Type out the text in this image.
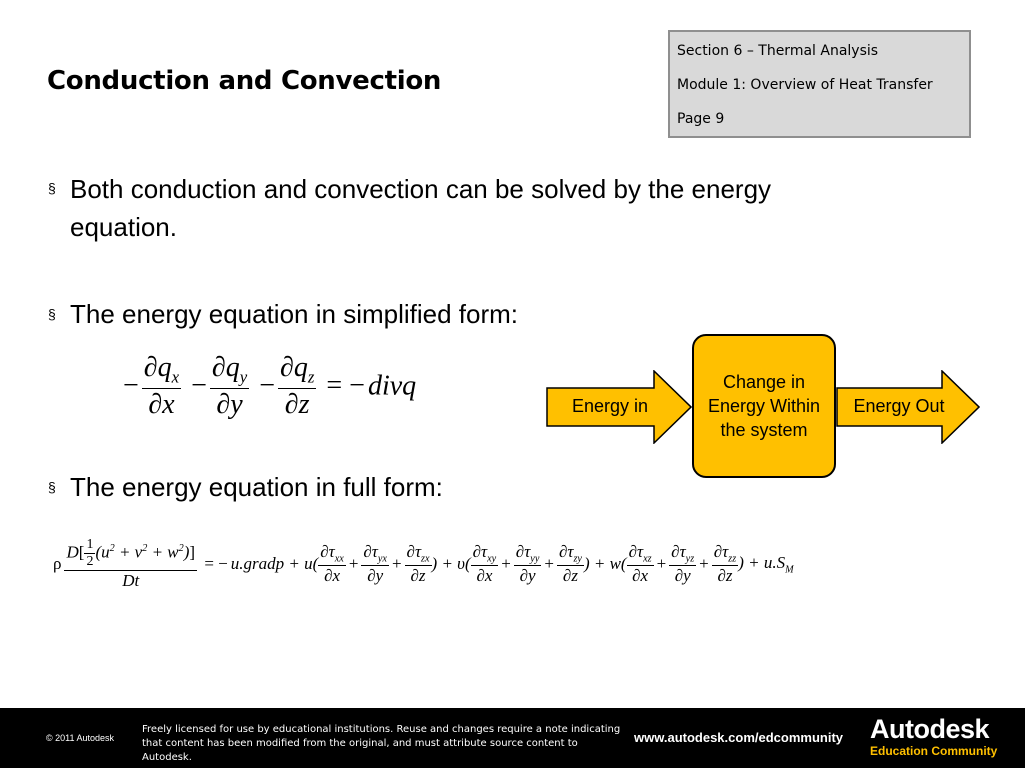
Conduction and Convection
Section 6 – Thermal Analysis
Module 1: Overview of Heat Transfer
Page 9
§ Both conduction and convection can be solved by the energy
equation.
§ The energy equation in simplified form:
− $\frac{\partial q_x}{\partial x} - \frac{\partial q_y}{\partial y} - \frac{\partial q_z}{\partial z}$ = − divq
Energy in
Change in Energy Within the system
Energy Out
§ The energy equation in full form:
ρ $\frac{D[ \frac{1}{2} (u^2 + v^2 + w^2)]}{Dt}$ = − u.gradp + $u( \frac{\partial\tau_{xx}}{\partial x} + \frac{\partial\tau_{yx}}{\partial y} + \frac{\partial\tau_{zx}}{\partial z}$ ) + $\upsilon( \frac{\partial\tau_{xy}}{\partial x} + \frac{\partial\tau_{yy}}{\partial y} + \frac{\partial\tau_{zy}}{\partial z}$ ) + $w( \frac{\partial\tau_{xz}}{\partial x} + \frac{\partial\tau_{yz}}{\partial y} + \frac{\partial\tau_{zz}}{\partial z}$ ) + $u.S_M$
© 2011 Autodesk
Freely licensed for use by educational institutions. Reuse and changes require a note indicating
that content has been modified from the original, and must attribute source content to Autodesk.
www.autodesk.com/edcommunity Autodesk
Education Community
